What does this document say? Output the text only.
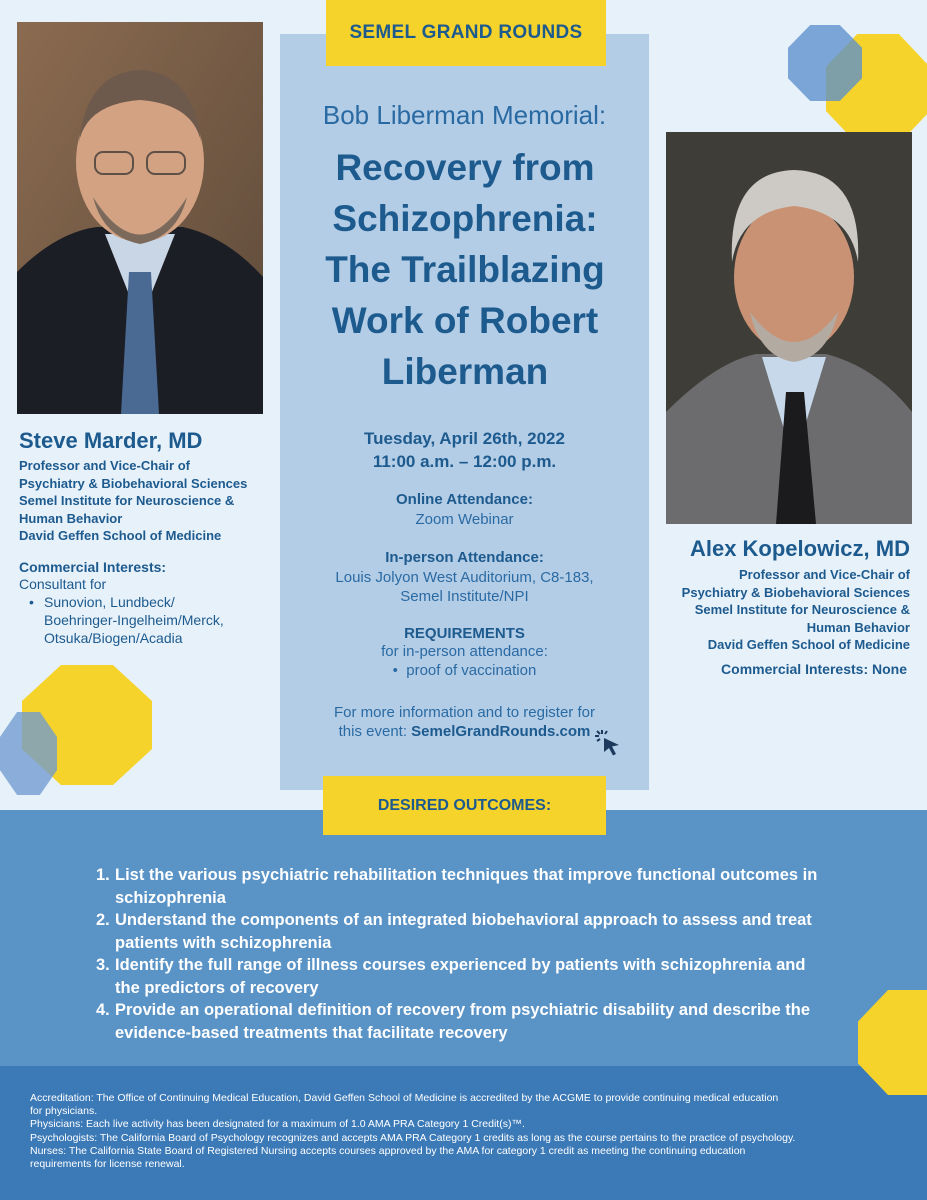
SEMEL GRAND ROUNDS
Bob Liberman Memorial:
Recovery from
Schizophrenia:
The Trailblazing
Work of Robert
Liberman
Tuesday, April 26th, 2022
11:00 a.m. – 12:00 p.m.
Online Attendance:
Zoom Webinar
In-person Attendance:
Louis Jolyon West Auditorium, C8-183,
Semel Institute/NPI
REQUIREMENTS
for in-person attendance:
•  proof of vaccination
For more information and to register for
this event: SemelGrandRounds.com
Steve Marder, MD
Professor and Vice-Chair of
Psychiatry & Biobehavioral Sciences
Semel Institute for Neuroscience &
Human Behavior
David Geffen School of Medicine
Commercial Interests:
Consultant for
• Sunovion, Lundbeck/
Boehringer-Ingelheim/Merck,
Otsuka/Biogen/Acadia
Alex Kopelowicz, MD
Professor and Vice-Chair of
Psychiatry & Biobehavioral Sciences
Semel Institute for Neuroscience &
Human Behavior
David Geffen School of Medicine
Commercial Interests: None
DESIRED OUTCOMES:
1. List the various psychiatric rehabilitation techniques that improve functional outcomes in
schizophrenia
2. Understand the components of an integrated biobehavioral approach to assess and treat
patients with schizophrenia
3. Identify the full range of illness courses experienced by patients with schizophrenia and
the predictors of recovery
4. Provide an operational definition of recovery from psychiatric disability and describe the
evidence-based treatments that facilitate recovery
Accreditation: The Office of Continuing Medical Education, David Geffen School of Medicine is accredited by the ACGME to provide continuing medical education
for physicians.
Physicians: Each live activity has been designated for a maximum of 1.0 AMA PRA Category 1 Credit(s)™.
Psychologists: The California Board of Psychology recognizes and accepts AMA PRA Category 1 credits as long as the course pertains to the practice of psychology.
Nurses: The California State Board of Registered Nursing accepts courses approved by the AMA for category 1 credit as meeting the continuing education
requirements for license renewal.
